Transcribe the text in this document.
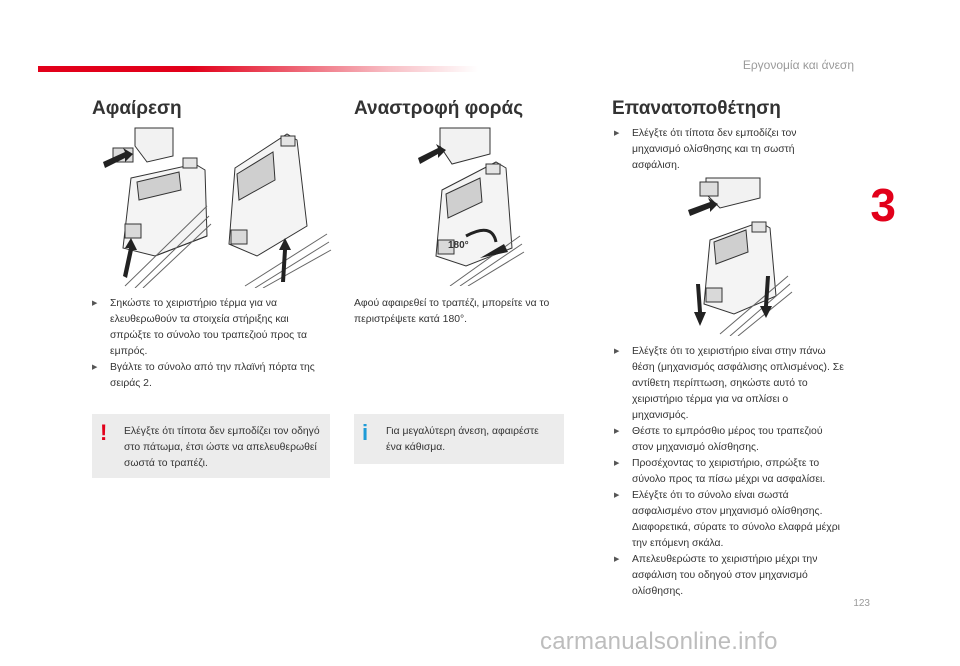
Εργονομία και άνεση
3
123
Αφαίρεση
▶ Σηκώστε το χειριστήριο τέρμα για να ελευθερωθούν τα στοιχεία στήριξης και σπρώξτε το σύνολο του τραπεζιού προς τα εμπρός.
▶ Βγάλτε το σύνολο από την πλαϊνή πόρτα της σειράς 2.
! Ελέγξτε ότι τίποτα δεν εμποδίζει τον οδηγό στο πάτωμα, έτσι ώστε να απελευθερωθεί σωστά το τραπέζι.
Αναστροφή φοράς
180°
Αφού αφαιρεθεί το τραπέζι, μπορείτε να το περιστρέψετε κατά 180°.
i Για μεγαλύτερη άνεση, αφαιρέστε ένα κάθισμα.
Επανατοποθέτηση
▶ Ελέγξτε ότι τίποτα δεν εμποδίζει τον μηχανισμό ολίσθησης και τη σωστή ασφάλιση.
▶ Ελέγξτε ότι το χειριστήριο είναι στην πάνω θέση (μηχανισμός ασφάλισης οπλισμένος). Σε αντίθετη περίπτωση, σηκώστε αυτό το χειριστήριο τέρμα για να οπλίσει ο μηχανισμός.
▶ Θέστε το εμπρόσθιο μέρος του τραπεζιού στον μηχανισμό ολίσθησης.
▶ Προσέχοντας το χειριστήριο, σπρώξτε το σύνολο προς τα πίσω μέχρι να ασφαλίσει.
▶ Ελέγξτε ότι το σύνολο είναι σωστά ασφαλισμένο στον μηχανισμό ολίσθησης. Διαφορετικά, σύρατε το σύνολο ελαφρά μέχρι την επόμενη σκάλα.
▶ Απελευθερώστε το χειριστήριο μέχρι την ασφάλιση του οδηγού στον μηχανισμό ολίσθησης.
carmanualsonline.info
